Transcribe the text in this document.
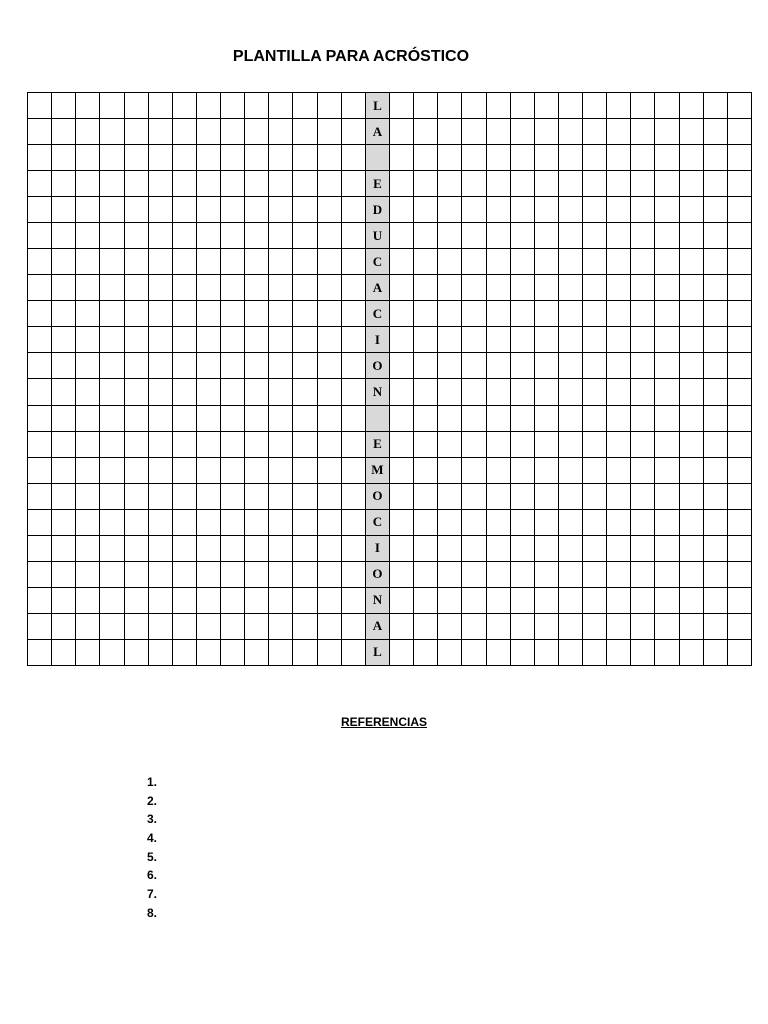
PLANTILLA PARA ACRÓSTICO
L
A
E
D
U
C
A
C
I
O
N
E
M
O
C
I
O
N
A
L
REFERENCIAS
1.
2.
3.
4.
5.
6.
7.
8.
